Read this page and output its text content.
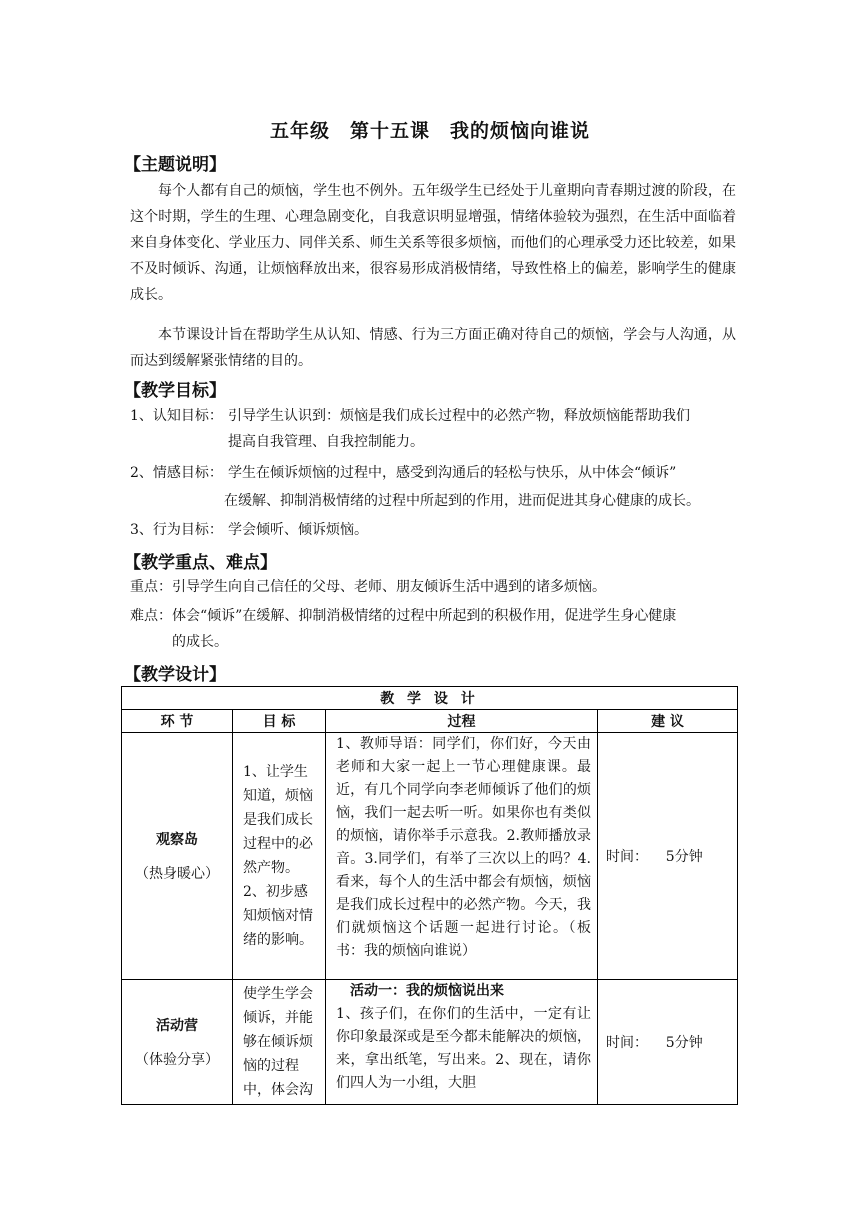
五年级　第十五课　我的烦恼向谁说
【主题说明】
每个人都有自己的烦恼，学生也不例外。五年级学生已经处于儿童期向青春期过渡的阶段，在这个时期，学生的生理、心理急剧变化，自我意识明显增强，情绪体验较为强烈，在生活中面临着来自身体变化、学业压力、同伴关系、师生关系等很多烦恼，而他们的心理承受力还比较差，如果不及时倾诉、沟通，让烦恼释放出来，很容易形成消极情绪，导致性格上的偏差，影响学生的健康成长。
本节课设计旨在帮助学生从认知、情感、行为三方面正确对待自己的烦恼，学会与人沟通，从而达到缓解紧张情绪的目的。
【教学目标】
1、认知目标： 引导学生认识到：烦恼是我们成长过程中的必然产物，释放烦恼能帮助我们
提高自我管理、自我控制能力。
2、情感目标： 学生在倾诉烦恼的过程中，感受到沟通后的轻松与快乐，从中体会“倾诉”
在缓解、抑制消极情绪的过程中所起到的作用，进而促进其身心健康的成长。
3、行为目标： 学会倾听、倾诉烦恼。
【教学重点、难点】
重点： 引导学生向自己信任的父母、老师、朋友倾诉生活中遇到的诸多烦恼。
难点： 体会“倾诉”在缓解、抑制消极情绪的过程中所起到的积极作用，促进学生身心健康
的成长。
【教学设计】
教 学 设 计			
环 节	目 标	过程	建 议

观察岛
（热身暖心）	1、让学生知道，烦恼是我们成长过程中的必然产物。2、初步感知烦恼对情绪的影响。	1、教师导语：同学们，你们好，今天由老师和大家一起上一节心理健康课。最近，有几个同学向李老师倾诉了他们的烦恼，我们一起去听一听。如果你也有类似的烦恼，请你举手示意我。2.教师播放录音。3.同学们，有举了三次以上的吗？4.看来，每个人的生活中都会有烦恼，烦恼是我们成长过程中的必然产物。今天，我们就烦恼这个话题一起进行讨论。（板书：我的烦恼向谁说）	时间：    5分钟

活动营
（体验分享）	使学生学会倾诉，并能够在倾诉烦恼的过程中，体会沟	活动一：我的烦恼说出来
1、孩子们，在你们的生活中，一定有让你印象最深或是至今都未能解决的烦恼，来，拿出纸笔，写出来。2、现在，请你们四人为一小组，大胆	时间：    5分钟
